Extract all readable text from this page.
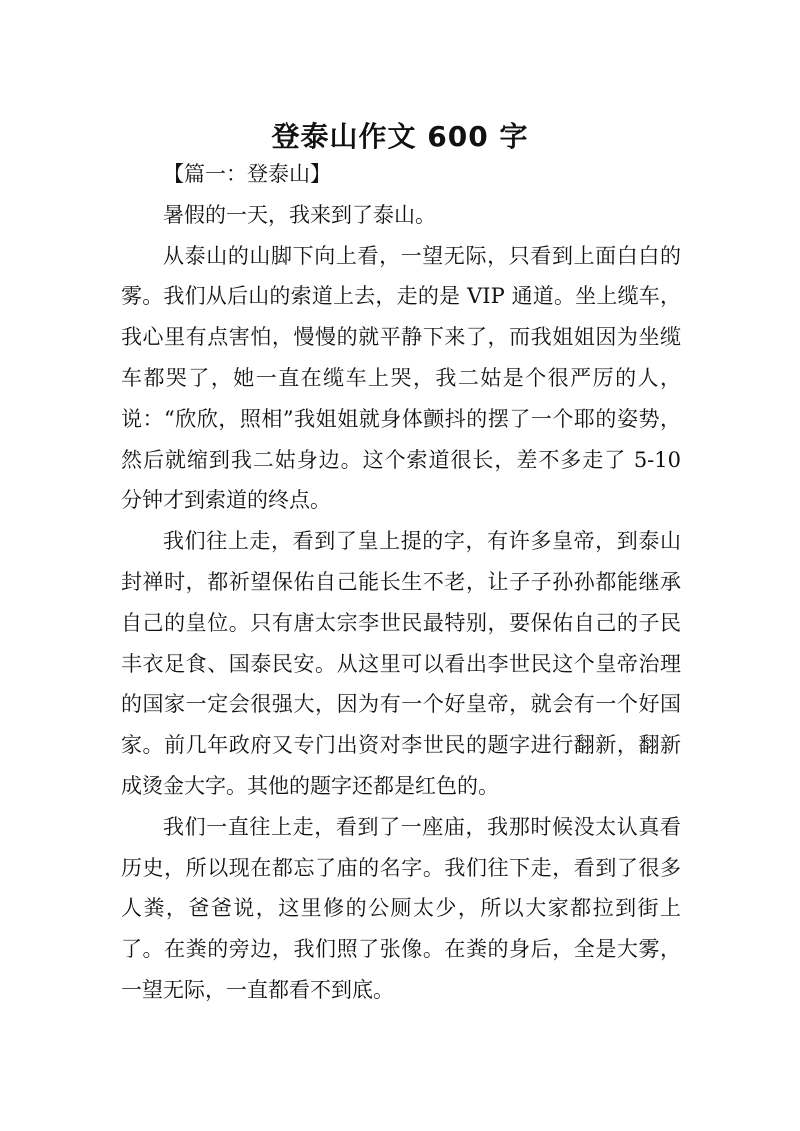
登泰山作文 600 字

【篇一：登泰山】

暑假的一天，我来到了泰山。

从泰山的山脚下向上看，一望无际，只看到上面白白的雾。我们从后山的索道上去，走的是 VIP 通道。坐上缆车，我心里有点害怕，慢慢的就平静下来了，而我姐姐因为坐缆车都哭了，她一直在缆车上哭，我二姑是个很严厉的人，说：“欣欣，照相”我姐姐就身体颤抖的摆了一个耶的姿势，然后就缩到我二姑身边。这个索道很长，差不多走了 5-10 分钟才到索道的终点。

我们往上走，看到了皇上提的字，有许多皇帝，到泰山封禅时，都祈望保佑自己能长生不老，让子子孙孙都能继承自己的皇位。只有唐太宗李世民最特别，要保佑自己的子民丰衣足食、国泰民安。从这里可以看出李世民这个皇帝治理的国家一定会很强大，因为有一个好皇帝，就会有一个好国家。前几年政府又专门出资对李世民的题字进行翻新，翻新成烫金大字。其他的题字还都是红色的。

我们一直往上走，看到了一座庙，我那时候没太认真看历史，所以现在都忘了庙的名字。我们往下走，看到了很多人粪，爸爸说，这里修的公厕太少，所以大家都拉到街上了。在粪的旁边，我们照了张像。在粪的身后，全是大雾，一望无际，一直都看不到底。
